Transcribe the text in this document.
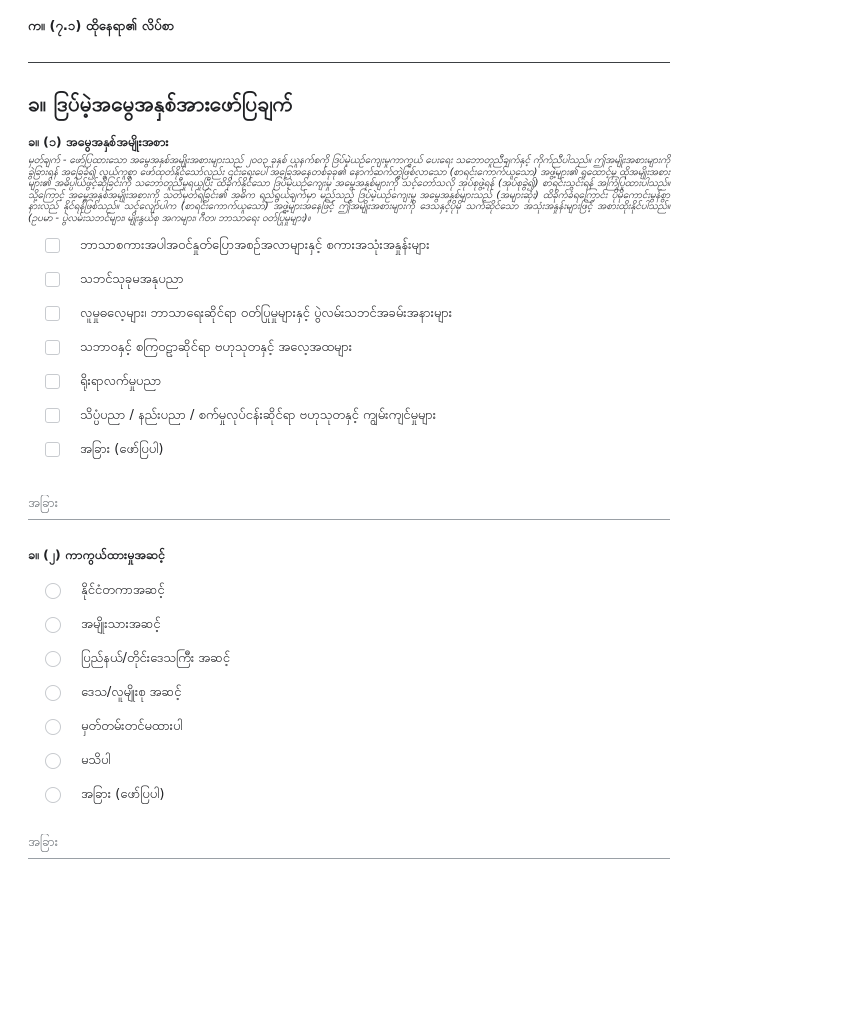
က။ (၇.၁) ထိုနေရာ၏ လိပ်စာ
ခ။ ဒြပ်မဲ့အမွေအနှစ်အားဖော်ပြချက်
ခ။ (၁) အမွေအနှစ်အမျိုးအစား
မှတ်ချက် - ဖော်ပြထားသော အမွေအနှစ်အမျိုးအစားများသည် ၂၀၀၃ ခုနှစ် ယူနက်စကို ဒြပ်မဲ့ယဉ်ကျေးမှုကာကွယ် ပေးရေး သဘောတူညီချက်နှင့် ကိုက်ညီပါသည်။ ဤအမျိုးအစားများကို ခွဲခြားရန် အခြေခံ၍ လွယ်ကူစွာ ဖော်ထုတ်နိုင်သော်လည်း ၎င်းရေးပေါ်အခြေအနေတစ်ခုခု၏ နောက်ဆက်တွဲဖြစ်လာသော (စာရင်းကောက်ယူသော) အဖွဲ့များ၏ ရှုထောင့်မှ ထိုအမျိုးအစားများ၏ အဓိပ္ပါယ်ဖွင့်ဆိုခြင်းကို သဘောတူညီမှုရယူပြီး ထိခိုက်နိုင်သော ဒြပ်မဲ့ယဉ်ကျေးမှု အမွေအနှစ်များကို သင့်တော်သလို အုပ်စုဖွဲ့ရန် (အုပ်စုခွဲ၍) စာရင်းသွင်းရန် အကြံပြုထားပါသည်။ သို့ကြောင့် အမွေအနှစ်အမျိုးအစားကို သတ်မှတ်ရခြင်း၏ အဓိက ရည်ရွယ်ချက်မှာ မည်သည့် ဒြပ်မဲ့ယဉ်ကျေးမှု အမွေအနှစ်များသည် (အများဆုံး) ထိခိုက်ခံရကြောင်း ပိုမိုကောင်းမွန်စွာ နားလည် နိုင်ရန်ဖြစ်သည်။ သင့်လျော်ပါက (စာရင်းကောက်ယူသော) အဖွဲ့များအနေဖြင့် ဤအမျိုးအစားများကို ဒေသနှင့်ပိုမို သက်ဆိုင်သော အသုံးအနှုန်းများဖြင့် အစားထိုးနိုင်ပါသည်။ (ဥပမာ - ပွဲလမ်းသဘင်များ၊ မျိုးနွယ်စု အကများ၊ ဂီတ၊ ဘာသာရေး ဝတ်ပြုမှုများ)။
ဘာသာစကားအပါအဝင်နှုတ်ပြောအစဉ်အလာများနှင့် စကားအသုံးအနှုန်းများ
သဘင်သုခုမအနုပညာ
လူမှုဓလေ့များ၊ ဘာသာရေးဆိုင်ရာ ဝတ်ပြုမှုများနှင့် ပွဲလမ်းသဘင်အခမ်းအနားများ
သဘာဝနှင့် စကြဝဠာဆိုင်ရာ ဗဟုသုတနှင့် အလေ့အထများ
ရိုးရာလက်မှုပညာ
သိပ္ပံပညာ / နည်းပညာ / စက်မှုလုပ်ငန်းဆိုင်ရာ ဗဟုသုတနှင့် ကျွမ်းကျင်မှုများ
အခြား (ဖော်ပြပါ)
အခြား
ခ။ (၂) ကာကွယ်ထားမှုအဆင့်
နိုင်ငံတကာအဆင့်
အမျိုးသားအဆင့်
ပြည်နယ်/တိုင်းဒေသကြီး အဆင့်
ဒေသ/လူမျိုးစု အဆင့်
မှတ်တမ်းတင်မထားပါ
မသိပါ
အခြား (ဖော်ပြပါ)
အခြား
